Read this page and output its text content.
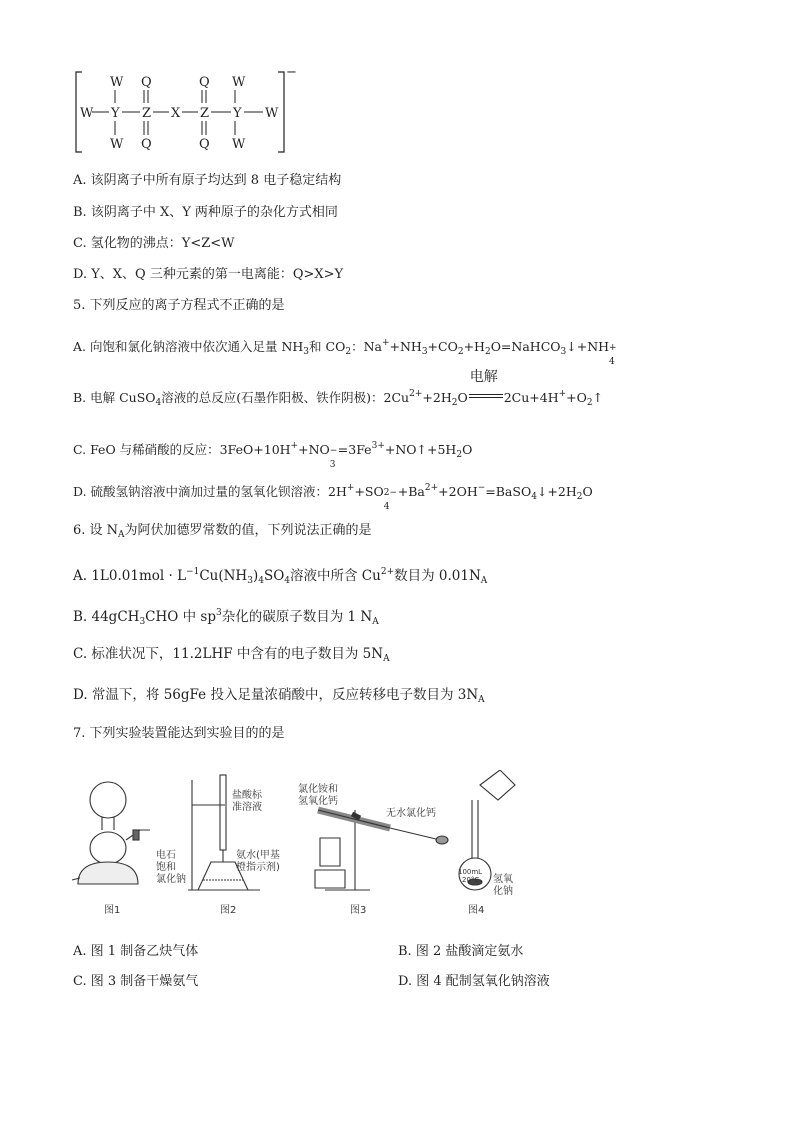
−
W Q	Q W
W Y Z X Z Y W
W Q	Q W
A. 该阴离子中所有原子均达到 8 电子稳定结构
B. 该阴离子中 X、Y 两种原子的杂化方式相同
C. 氢化物的沸点：Y<Z<W
D. Y、X、Q 三种元素的第一电离能：Q>X>Y
5. 下列反应的离子方程式不正确的是
A. 向饱和氯化钠溶液中依次通入足量 $NH_3$和 $CO_2$：$Na^++NH_3+CO_2+H_2O=NaHCO_3↓+NH$ +
4
B. 电解 CuSO$_4$溶液的总反应(石墨作阳极、铁作阴极)：$2Cu^{2+}+2H_2O$
电解
$2Cu+4H^++O_2↑$
C. FeO 与稀硝酸的反应：3FeO+10H++NO −
3
$=3Fe^{3+}+NO↑+5H_2O$
D. 硫酸氢钠溶液中滴加过量的氢氧化钡溶液：2H++SO 2−
4
$+Ba^{2+}+2OH^-=BaSO_4↓+2H_2O$
6. 设 $N_A$为阿伏加德罗常数的值，下列说法正确的是
A. $1L0.01mol \cdot L^{-1}Cu(NH_3)_4SO_4$溶液中所含 $Cu^{2+}$数目为 $0.01N_A$
B. 44gCH$_3$CHO 中 $sp^3$杂化的碳原子数目为 1 $N_A$
C. 标准状况下，11.2LHF 中含有的电子数目为 $5N_A$
D. 常温下，将 56gFe 投入足量浓硝酸中，反应转移电子数目为 $3N_A$
7. 下列实验装置能达到实验目的的是
电石
饱和
氯化钠
盐酸标
准溶液
氨水(甲基
橙指示剂)
氯化铵和
氢氧化钙
无水氯化钙
100mL
20°C 氢氧
化钠
图1	图2	图3	图4
A. 图 1 制备乙炔气体	B. 图 2 盐酸滴定氨水
C. 图 3 制备干燥氨气	D. 图 4 配制氢氧化钠溶液
